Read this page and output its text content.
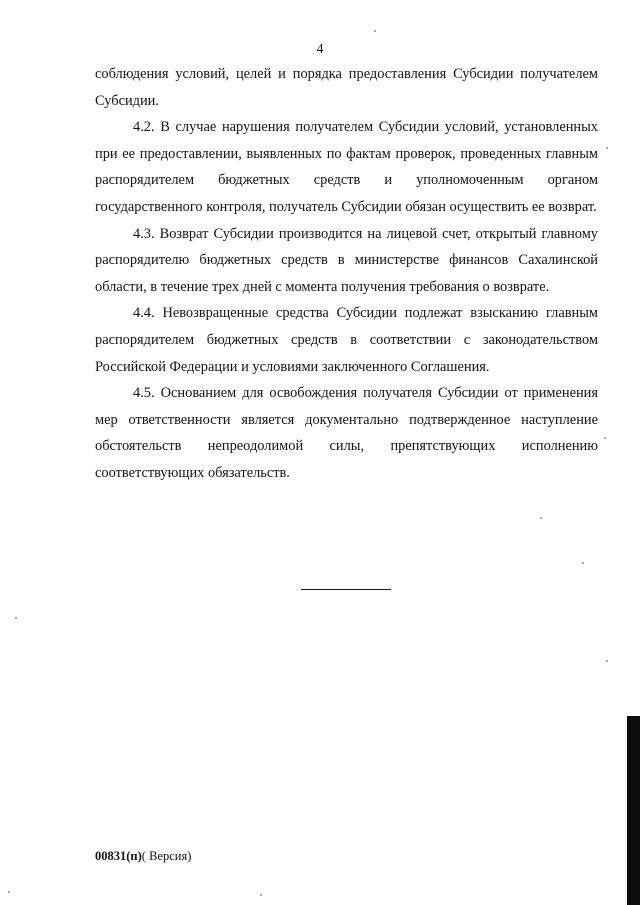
4

соблюдения условий, целей и порядка предоставления Субсидии получателем Субсидии.

4.2. В случае нарушения получателем Субсидии условий, установленных при ее предоставлении, выявленных по фактам проверок, проведенных главным распорядителем бюджетных средств и уполномоченным органом государственного контроля, получатель Субсидии обязан осуществить ее возврат.

4.3. Возврат Субсидии производится на лицевой счет, открытый главному распорядителю бюджетных средств в министерстве финансов Сахалинской области, в течение трех дней с момента получения требования о возврате.

4.4. Невозвращенные средства Субсидии подлежат взысканию главным распорядителем бюджетных средств в соответствии с законодательством Российской Федерации и условиями заключенного Соглашения.

4.5. Основанием для освобождения получателя Субсидии от применения мер ответственности является документально подтвержденное наступление обстоятельств непреодолимой силы, препятствующих исполнению соответствующих обязательств.

00831(п)( Версия)
